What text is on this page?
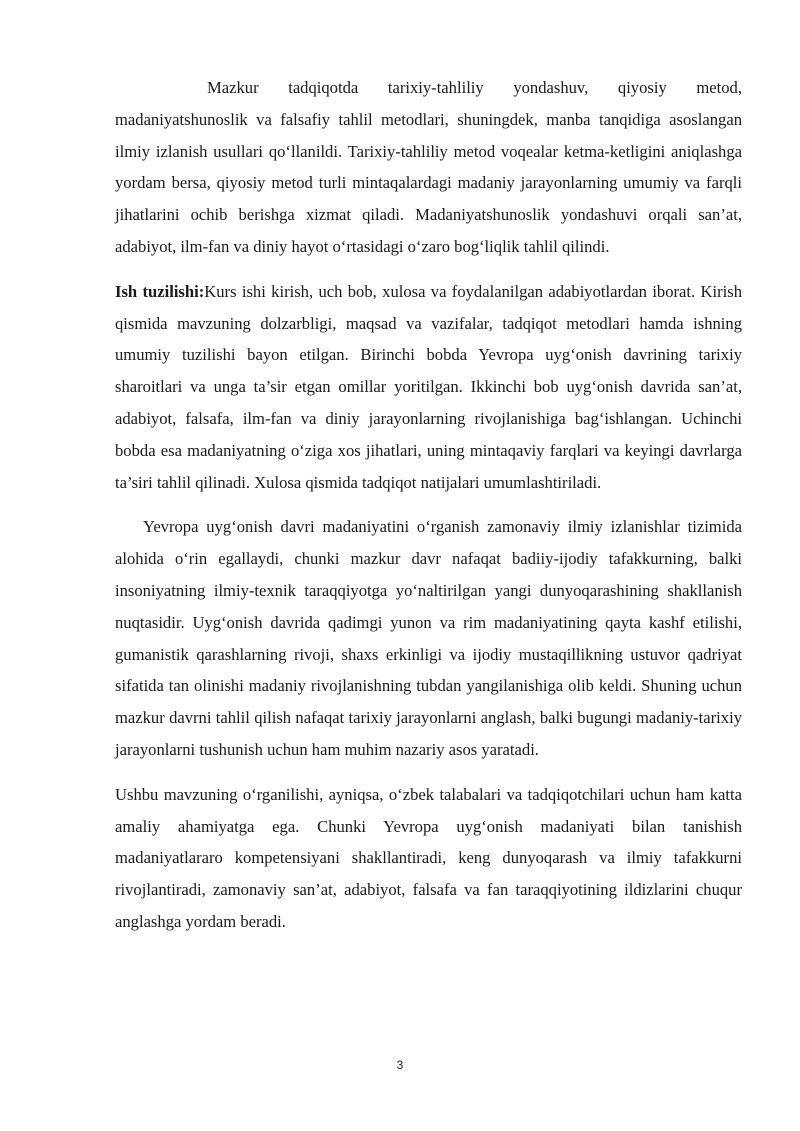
Mazkur tadqiqotda tarixiy-tahliliy yondashuv, qiyosiy metod, madaniyatshunoslik va falsafiy tahlil metodlari, shuningdek, manba tanqidiga asoslangan ilmiy izlanish usullari qo‘llanildi. Tarixiy-tahliliy metod voqealar ketma-ketligini aniqlashga yordam bersa, qiyosiy metod turli mintaqalardagi madaniy jarayonlarning umumiy va farqli jihatlarini ochib berishga xizmat qiladi. Madaniyatshunoslik yondashuvi orqali san’at, adabiyot, ilm-fan va diniy hayot o‘rtasidagi o‘zaro bog‘liqlik tahlil qilindi.

Ish tuzilishi:Kurs ishi kirish, uch bob, xulosa va foydalanilgan adabiyotlardan iborat. Kirish qismida mavzuning dolzarbligi, maqsad va vazifalar, tadqiqot metodlari hamda ishning umumiy tuzilishi bayon etilgan. Birinchi bobda Yevropa uyg‘onish davrining tarixiy sharoitlari va unga ta’sir etgan omillar yoritilgan. Ikkinchi bob uyg‘onish davrida san’at, adabiyot, falsafa, ilm-fan va diniy jarayonlarning rivojlanishiga bag‘ishlangan. Uchinchi bobda esa madaniyatning o‘ziga xos jihatlari, uning mintaqaviy farqlari va keyingi davrlarga ta’siri tahlil qilinadi. Xulosa qismida tadqiqot natijalari umumlashtiriladi.

Yevropa uyg‘onish davri madaniyatini o‘rganish zamonaviy ilmiy izlanishlar tizimida alohida o‘rin egallaydi, chunki mazkur davr nafaqat badiiy-ijodiy tafakkurning, balki insoniyatning ilmiy-texnik taraqqiyotga yo‘naltirilgan yangi dunyoqarashining shakllanish nuqtasidir. Uyg‘onish davrida qadimgi yunon va rim madaniyatining qayta kashf etilishi, gumanistik qarashlarning rivoji, shaxs erkinligi va ijodiy mustaqillikning ustuvor qadriyat sifatida tan olinishi madaniy rivojlanishning tubdan yangilanishiga olib keldi. Shuning uchun mazkur davrni tahlil qilish nafaqat tarixiy jarayonlarni anglash, balki bugungi madaniy-tarixiy jarayonlarni tushunish uchun ham muhim nazariy asos yaratadi.

Ushbu mavzuning o‘rganilishi, ayniqsa, o‘zbek talabalari va tadqiqotchilari uchun ham katta amaliy ahamiyatga ega. Chunki Yevropa uyg‘onish madaniyati bilan tanishish madaniyatlararo kompetensiyani shakllantiradi, keng dunyoqarash va ilmiy tafakkurni rivojlantiradi, zamonaviy san’at, adabiyot, falsafa va fan taraqqiyotining ildizlarini chuqur anglashga yordam beradi.

3
